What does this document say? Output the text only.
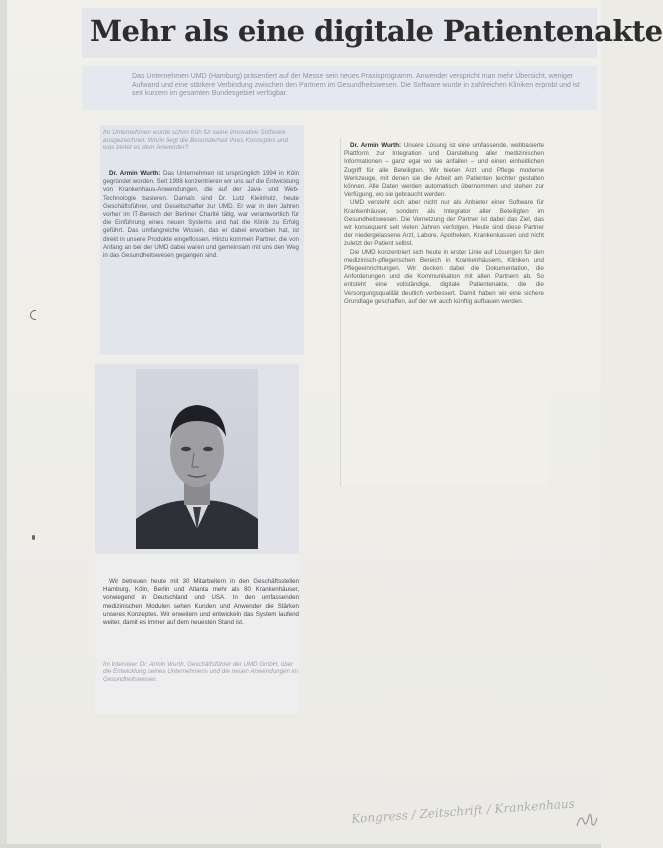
Mehr als eine digitale Patientenakte
Das Unternehmen UMD (Hamburg) präsentiert auf der Messe sein neues Praxisprogramm. Anwender verspricht man mehr Übersicht, weniger Aufwand und eine stärkere Verbindung zwischen den Partnern im Gesundheitswesen. Die Software wurde in zahlreichen Kliniken erprobt und ist seit kurzem im gesamten Bundesgebiet verfügbar.
Ihr Unternehmen wurde schon früh für seine innovative Software ausgezeichnet. Worin liegt die Besonderheit Ihres Konzeptes und was bietet es dem Anwender?

Dr. Armin Wurth: Das Unternehmen ist ursprünglich 1994 in Köln gegründet worden. Seit 1998 konzentrieren wir uns auf die Entwicklung von Krankenhaus-Anwendungen, die auf der Java- und Web-Technologie basieren. Damals sind Dr. Lutz Kleinholz, heute Geschäftsführer, und Gesellschafter zur UMD. Er war in den Jahren vorher im IT-Bereich der Berliner Charité tätig, war verantwortlich für die Einführung eines neuen Systems und hat die Klinik zu Erfolg geführt. Das umfangreiche Wissen, das er dabei erworben hat, ist direkt in unsere Produkte eingeflossen. Hinzu kommen Partner, die von Anfang an bei der UMD dabei waren und gemeinsam mit uns den Weg in das Gesundheitswesen gegangen sind.

Wir betreuen heute mit 30 Mitarbeitern in den Geschäftsstellen Hamburg, Köln, Berlin und Atlanta mehr als 80 Krankenhäuser, vorwiegend in Deutschland und USA. In den umfassenden medizinischen Modulen sehen Kunden und Anwender die Stärken unseres Konzeptes. Wir erweitern und entwickeln das System laufend weiter, damit es immer auf dem neuesten Stand ist.

Im Interview: Dr. Armin Wurth, Geschäftsführer der UMD GmbH, über die Entwicklung seines Unternehmens und die neuen Anwendungen im Gesundheitswesen.

Dr. Armin Wurth: Unsere Lösung ist eine umfassende, webbasierte Plattform zur Integration und Darstellung aller medizinischen Informationen – ganz egal wo sie anfallen – und einen einheitlichen Zugriff für alle Beteiligten. Wir bieten Arzt und Pflege moderne Werkzeuge, mit denen sie die Arbeit am Patienten leichter gestalten können. Alle Daten werden automatisch übernommen und stehen zur Verfügung, wo sie gebraucht werden.

UMD versteht sich aber nicht nur als Anbieter einer Software für Krankenhäuser, sondern als Integrator aller Beteiligten im Gesundheitswesen. Die Vernetzung der Partner ist dabei das Ziel, das wir konsequent seit vielen Jahren verfolgen. Heute sind diese Partner der niedergelassene Arzt, Labore, Apotheken, Krankenkassen und nicht zuletzt der Patient selbst.

Die UMD konzentriert sich heute in erster Linie auf Lösungen für den medizinisch-pflegerischen Bereich in Krankenhäusern, Kliniken und Pflegeeinrichtungen. Wir decken dabei die Dokumentation, die Anforderungen und die Kommunikation mit allen Partnern ab. So entsteht eine vollständige, digitale Patientenakte, die die Versorgungsqualität deutlich verbessert. Damit haben wir eine sichere Grundlage geschaffen, auf der wir auch künftig aufbauen werden.

Kongress / Zeitschrift / Krankenhaus
